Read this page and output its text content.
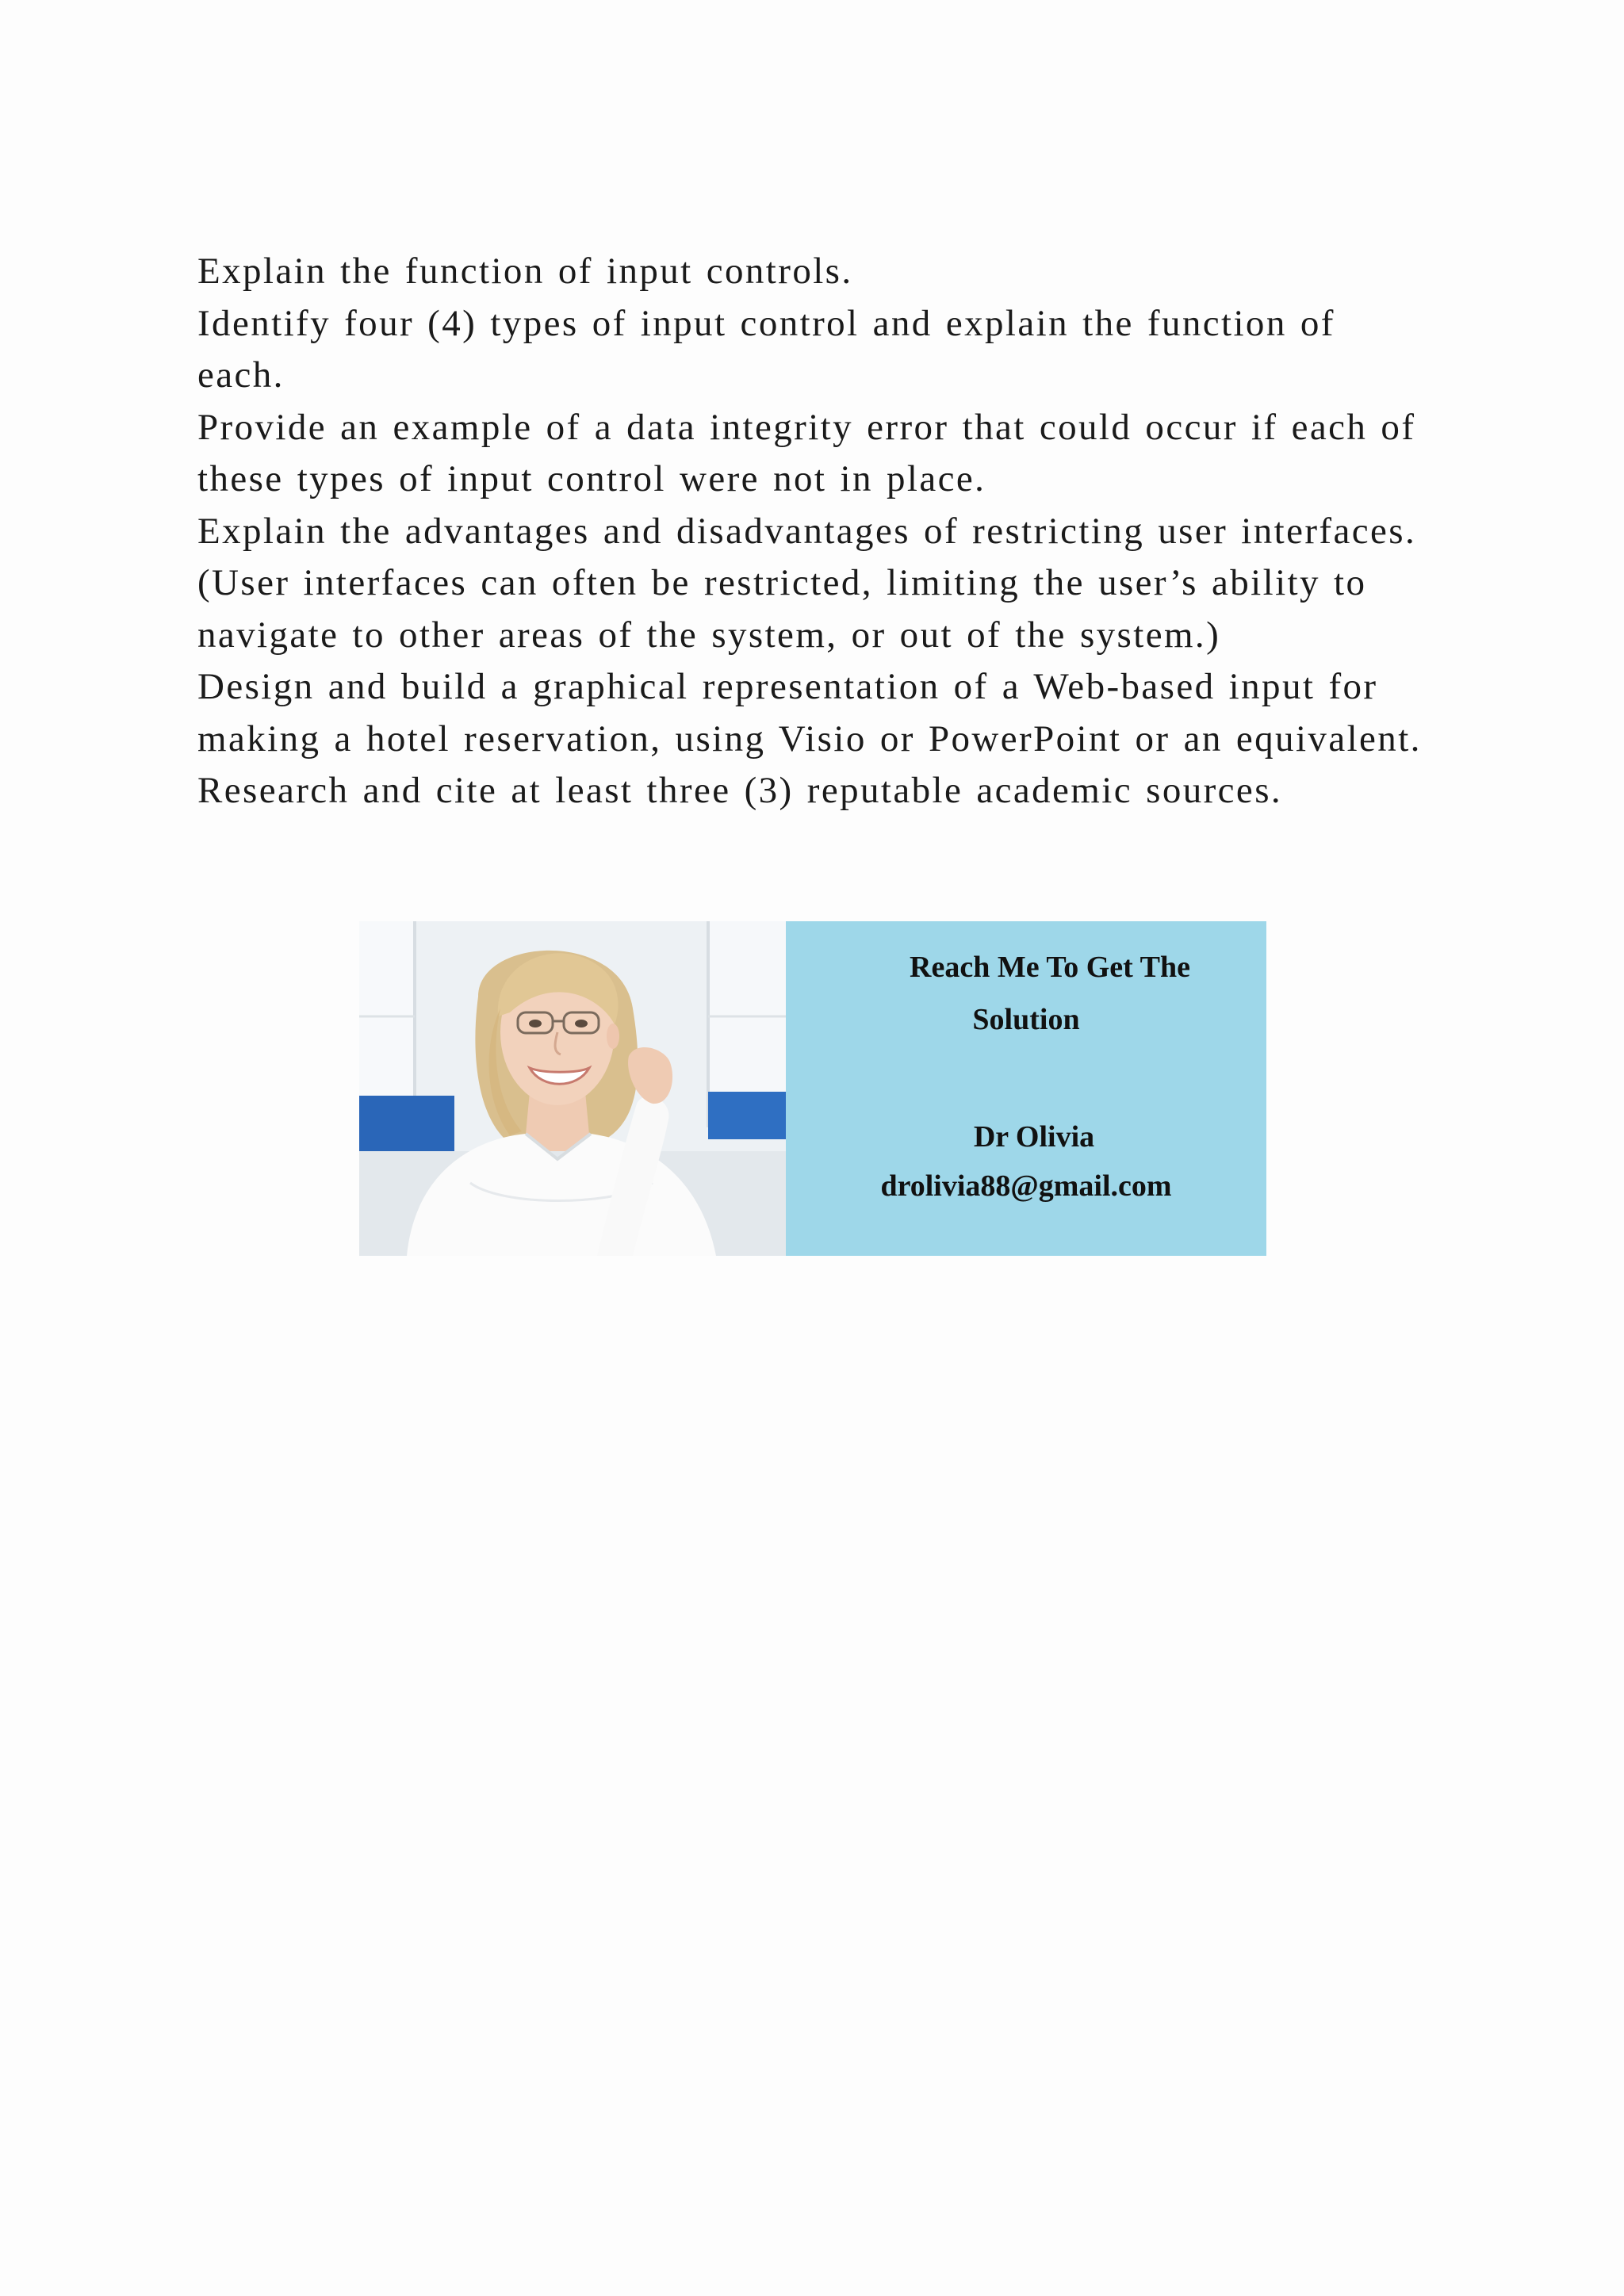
Explain the function of input controls.

Identify four (4) types of input control and explain the function of each.

Provide an example of a data integrity error that could occur if each of these types of input control were not in place.

Explain the advantages and disadvantages of restricting user interfaces. (User interfaces can often be restricted, limiting the user’s ability to navigate to other areas of the system, or out of the system.)

Design and build a graphical representation of a Web-based input for making a hotel reservation, using Visio or PowerPoint or an equivalent.

Research and cite at least three (3) reputable academic sources.

Reach Me To Get The
Solution
Dr Olivia
drolivia88@gmail.com
